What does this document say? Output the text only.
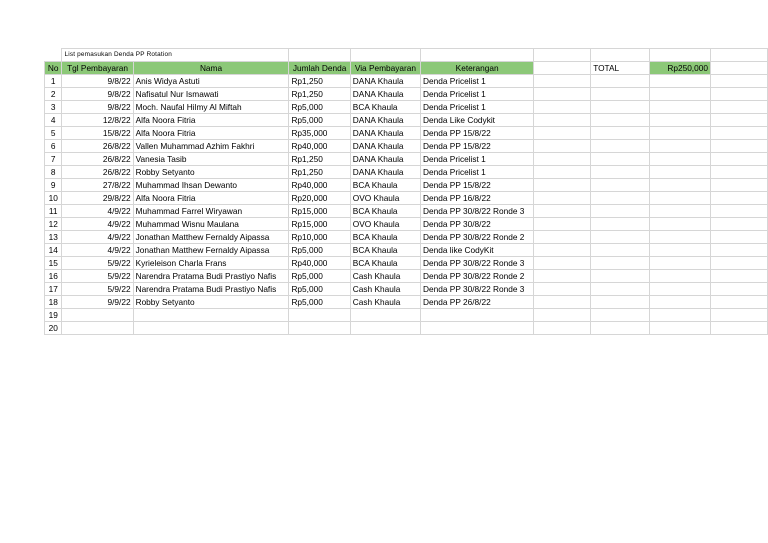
	List pemasukan Denda PP Rotation								
No	Tgl Pembayaran	Nama	Jumlah Denda	Via Pembayaran	Keterangan		TOTAL	Rp250,000	
1	9/8/22	Anis Widya Astuti	Rp1,250	DANA Khaula	Denda Pricelist 1				
2	9/8/22	Nafisatul Nur Ismawati	Rp1,250	DANA Khaula	Denda Pricelist 1				
3	9/8/22	Moch. Naufal Hilmy Al Miftah	Rp5,000	BCA Khaula	Denda Pricelist 1				
4	12/8/22	Alfa Noora Fitria	Rp5,000	DANA Khaula	Denda Like Codykit				
5	15/8/22	Alfa Noora Fitria	Rp35,000	DANA Khaula	Denda PP 15/8/22				
6	26/8/22	Vallen Muhammad Azhim Fakhri	Rp40,000	DANA Khaula	Denda PP 15/8/22				
7	26/8/22	Vanesia Tasib	Rp1,250	DANA Khaula	Denda Pricelist 1				
8	26/8/22	Robby Setyanto	Rp1,250	DANA Khaula	Denda Pricelist 1				
9	27/8/22	Muhammad Ihsan Dewanto	Rp40,000	BCA Khaula	Denda PP 15/8/22				
10	29/8/22	Alfa Noora Fitria	Rp20,000	OVO Khaula	Denda PP 16/8/22				
11	4/9/22	Muhammad Farrel Wiryawan	Rp15,000	BCA Khaula	Denda PP 30/8/22 Ronde 3				
12	4/9/22	Muhammad Wisnu Maulana	Rp15,000	OVO Khaula	Denda PP 30/8/22				
13	4/9/22	Jonathan Matthew Fernaldy Aipassa	Rp10,000	BCA Khaula	Denda PP 30/8/22 Ronde 2				
14	4/9/22	Jonathan Matthew Fernaldy Aipassa	Rp5,000	BCA Khaula	Denda like CodyKit				
15	5/9/22	Kyrieleison Charla Frans	Rp40,000	BCA Khaula	Denda PP 30/8/22 Ronde 3				
16	5/9/22	Narendra Pratama Budi Prastiyo Nafis	Rp5,000	Cash Khaula	Denda PP 30/8/22 Ronde 2				
17	5/9/22	Narendra Pratama Budi Prastiyo Nafis	Rp5,000	Cash Khaula	Denda PP 30/8/22 Ronde 3				
18	9/9/22	Robby Setyanto	Rp5,000	Cash Khaula	Denda PP 26/8/22				
19									
20									
